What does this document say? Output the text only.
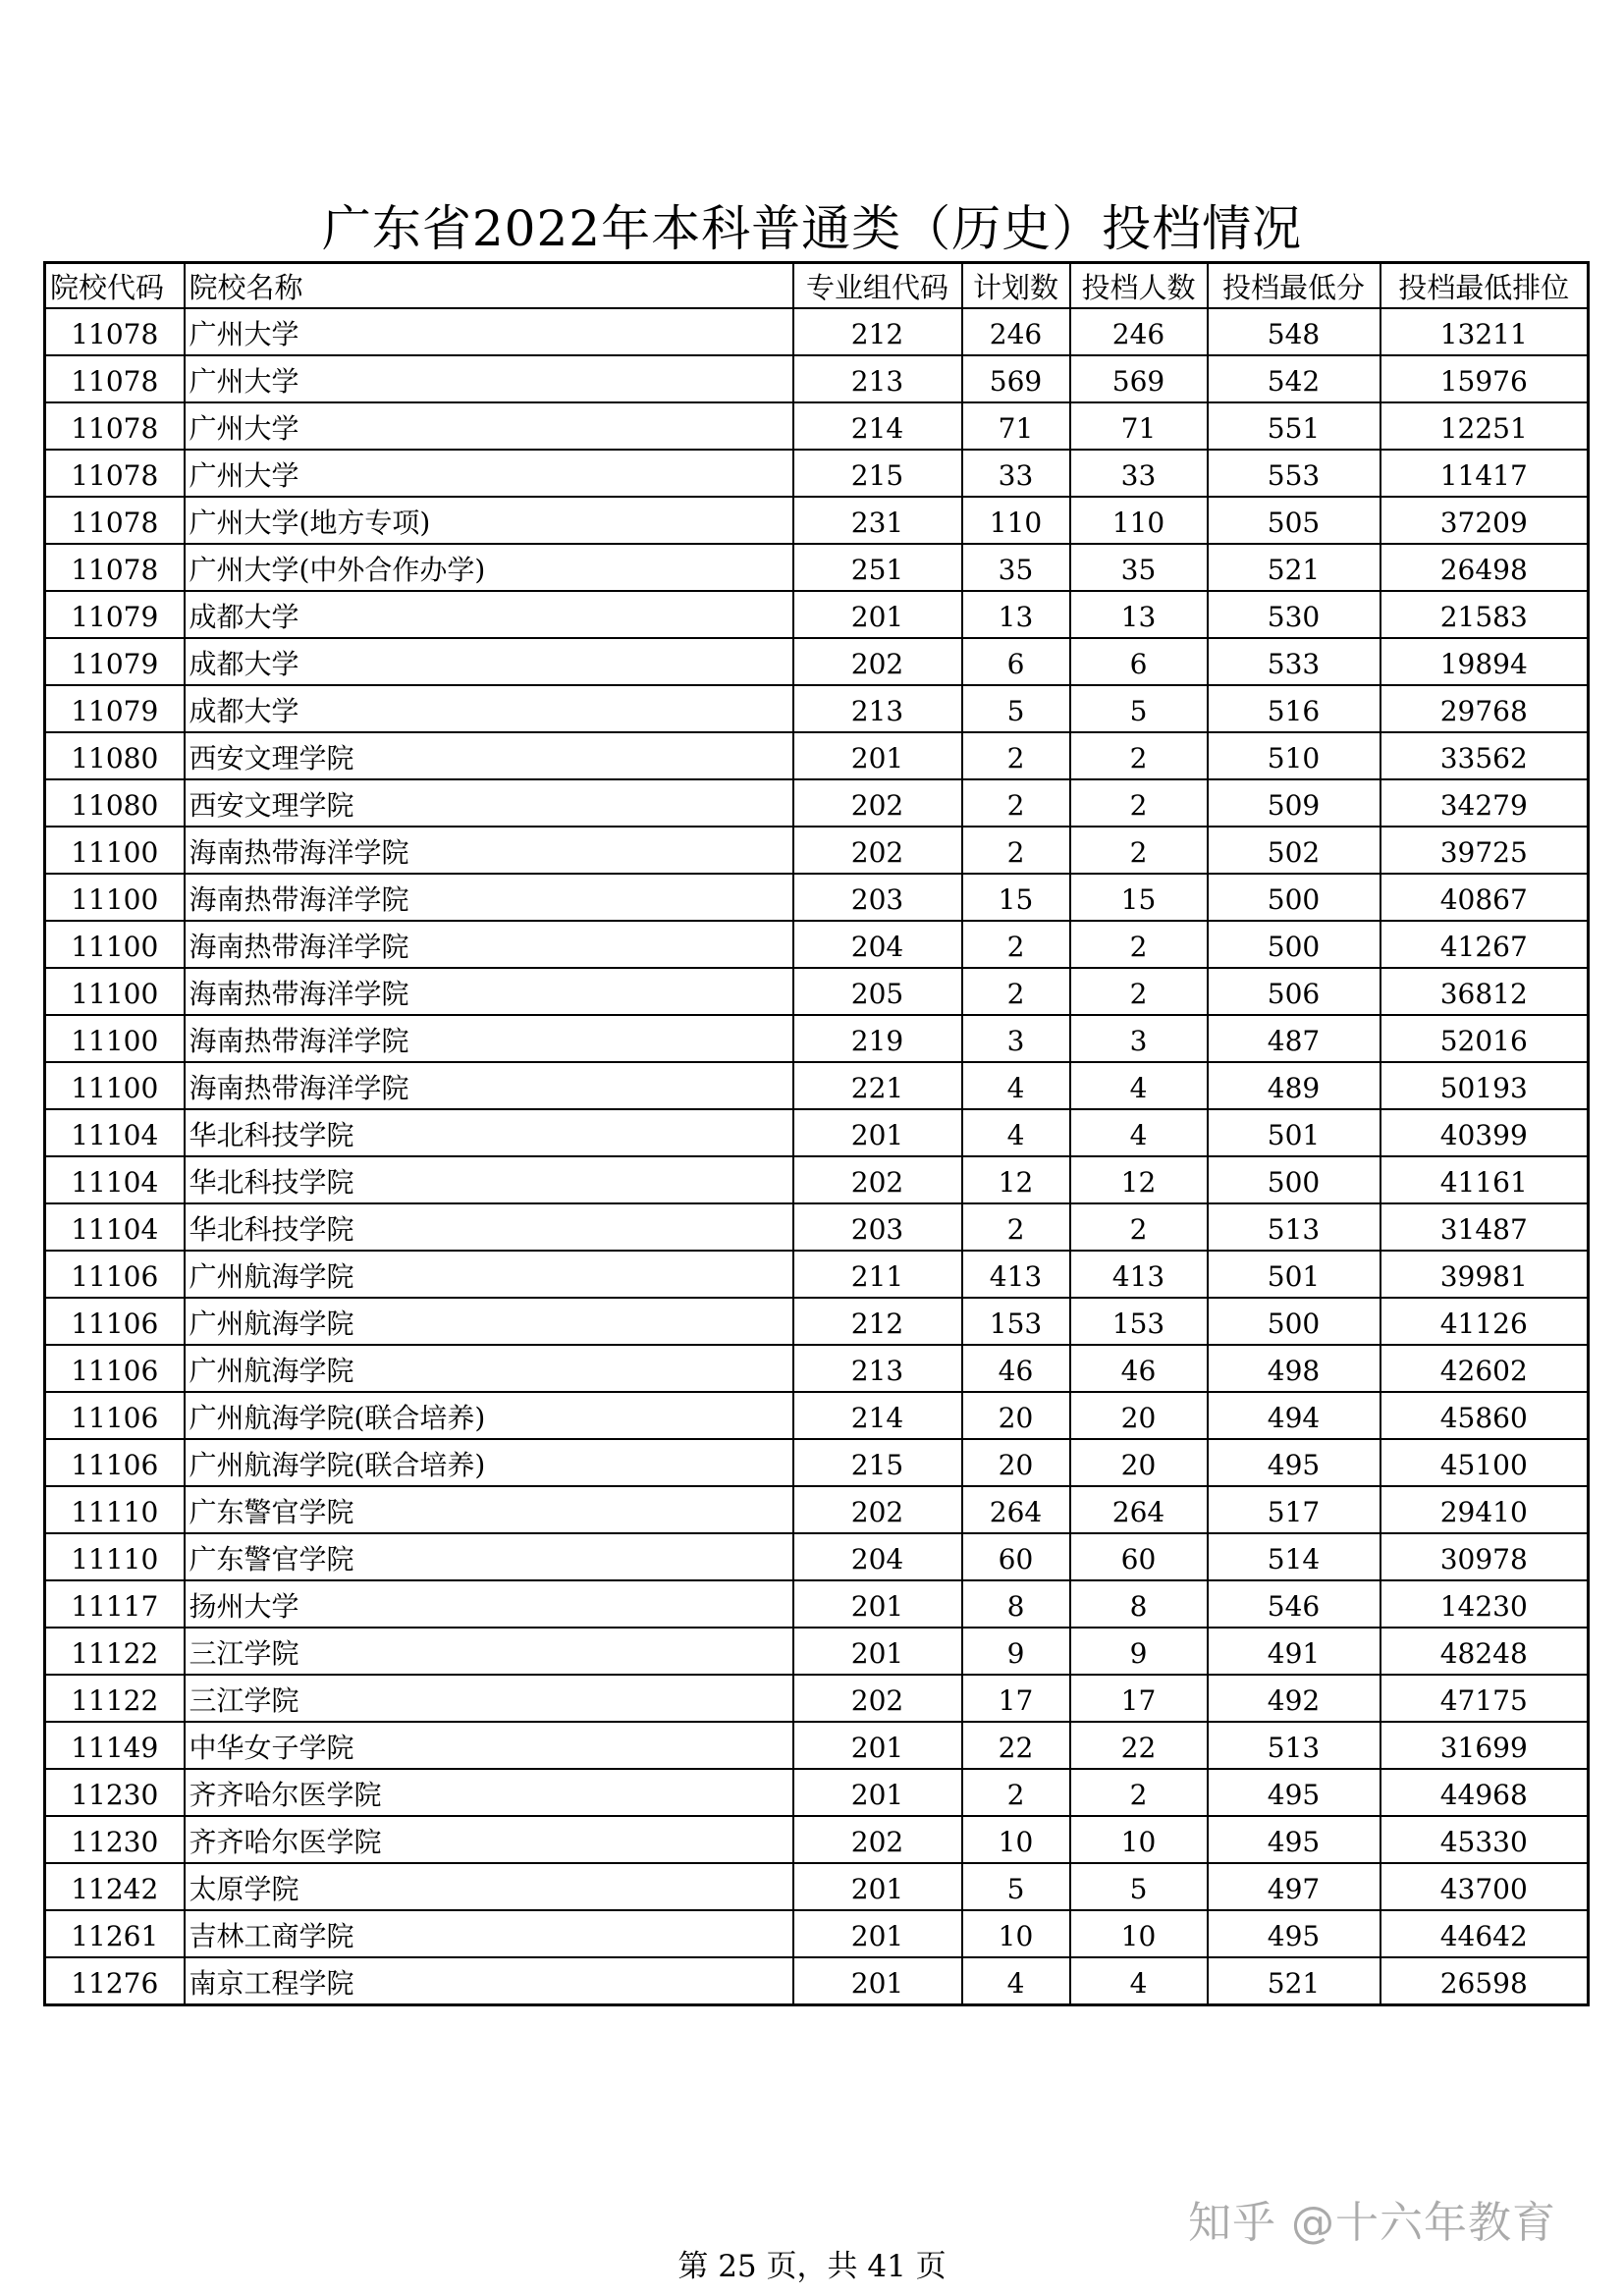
广东省2022年本科普通类（历史）投档情况
院校代码	院校名称	专业组代码	计划数	投档人数	投档最低分	投档最低排位
11078	广州大学	212	246	246	548	13211
11078	广州大学	213	569	569	542	15976
11078	广州大学	214	71	71	551	12251
11078	广州大学	215	33	33	553	11417
11078	广州大学(地方专项)	231	110	110	505	37209
11078	广州大学(中外合作办学)	251	35	35	521	26498
11079	成都大学	201	13	13	530	21583
11079	成都大学	202	6	6	533	19894
11079	成都大学	213	5	5	516	29768
11080	西安文理学院	201	2	2	510	33562
11080	西安文理学院	202	2	2	509	34279
11100	海南热带海洋学院	202	2	2	502	39725
11100	海南热带海洋学院	203	15	15	500	40867
11100	海南热带海洋学院	204	2	2	500	41267
11100	海南热带海洋学院	205	2	2	506	36812
11100	海南热带海洋学院	219	3	3	487	52016
11100	海南热带海洋学院	221	4	4	489	50193
11104	华北科技学院	201	4	4	501	40399
11104	华北科技学院	202	12	12	500	41161
11104	华北科技学院	203	2	2	513	31487
11106	广州航海学院	211	413	413	501	39981
11106	广州航海学院	212	153	153	500	41126
11106	广州航海学院	213	46	46	498	42602
11106	广州航海学院(联合培养)	214	20	20	494	45860
11106	广州航海学院(联合培养)	215	20	20	495	45100
11110	广东警官学院	202	264	264	517	29410
11110	广东警官学院	204	60	60	514	30978
11117	扬州大学	201	8	8	546	14230
11122	三江学院	201	9	9	491	48248
11122	三江学院	202	17	17	492	47175
11149	中华女子学院	201	22	22	513	31699
11230	齐齐哈尔医学院	201	2	2	495	44968
11230	齐齐哈尔医学院	202	10	10	495	45330
11242	太原学院	201	5	5	497	43700
11261	吉林工商学院	201	10	10	495	44642
11276	南京工程学院	201	4	4	521	26598
知乎 @十六年教育
第 25 页，共 41 页
